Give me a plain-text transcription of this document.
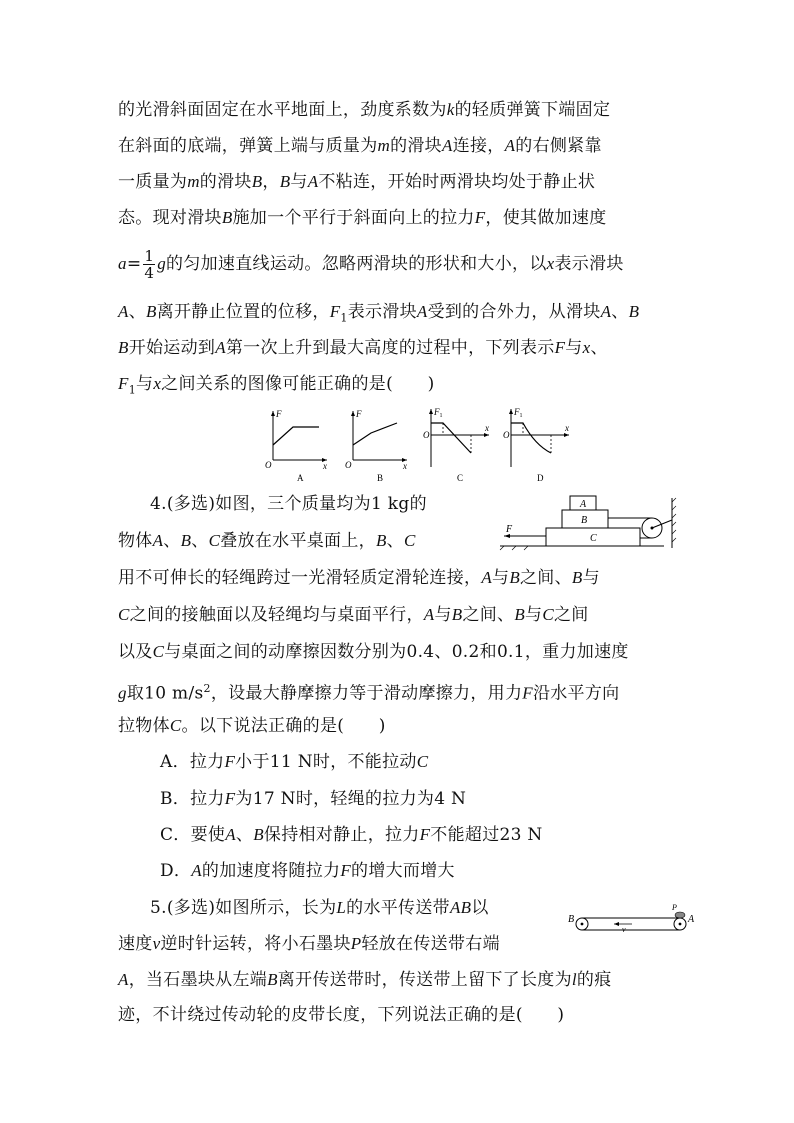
的光滑斜面固定在水平地面上，劲度系数为k的轻质弹簧下端固定
在斜面的底端，弹簧上端与质量为m的滑块A连接，A的右侧紧靠
一质量为m的滑块B，B与A不粘连，开始时两滑块均处于静止状
态。现对滑块B施加一个平行于斜面向上的拉力F，使其做加速度
$a= \frac{1}{4}$ g的匀加速直线运动。忽略两滑块的形状和大小，以x表示滑块
A、B离开静止位置的位移，$F_1$表示滑块A受到的合外力，从滑块A、B
B开始运动到A第一次上升到最大高度的过程中，下列表示F与x、
$F_1$与x之间关系的图像可能正确的是(　　)
F
O	x
A
F
O	x
B
$F_1$
O
x
C
$F_1$
O
x
D
4.(多选)如图，三个质量均为1 kg的
物体A、B、C叠放在水平桌面上，B、C
用不可伸长的轻绳跨过一光滑轻质定滑轮连接，A与B之间、B与
C之间的接触面以及轻绳均与桌面平行，A与B之间、B与C之间
以及C与桌面之间的动摩擦因数分别为0.4、0.2和0.1，重力加速度
g取10 $m/s^2$，设最大静摩擦力等于滑动摩擦力，用力F沿水平方向
拉物体C。以下说法正确的是(　　)
A．拉力F小于11 N时，不能拉动C
B．拉力F为17 N时，轻绳的拉力为4 N
C．要使A、B保持相对静止，拉力F不能超过23 N
D．A的加速度将随拉力F的增大而增大
C
B
A
F
5.(多选)如图所示，长为L的水平传送带AB以
速度v逆时针运转，将小石墨块P轻放在传送带右端
A，当石墨块从左端B离开传送带时，传送带上留下了长度为l的痕
迹，不计绕过传动轮的皮带长度，下列说法正确的是(　　)
v
P
B	A
